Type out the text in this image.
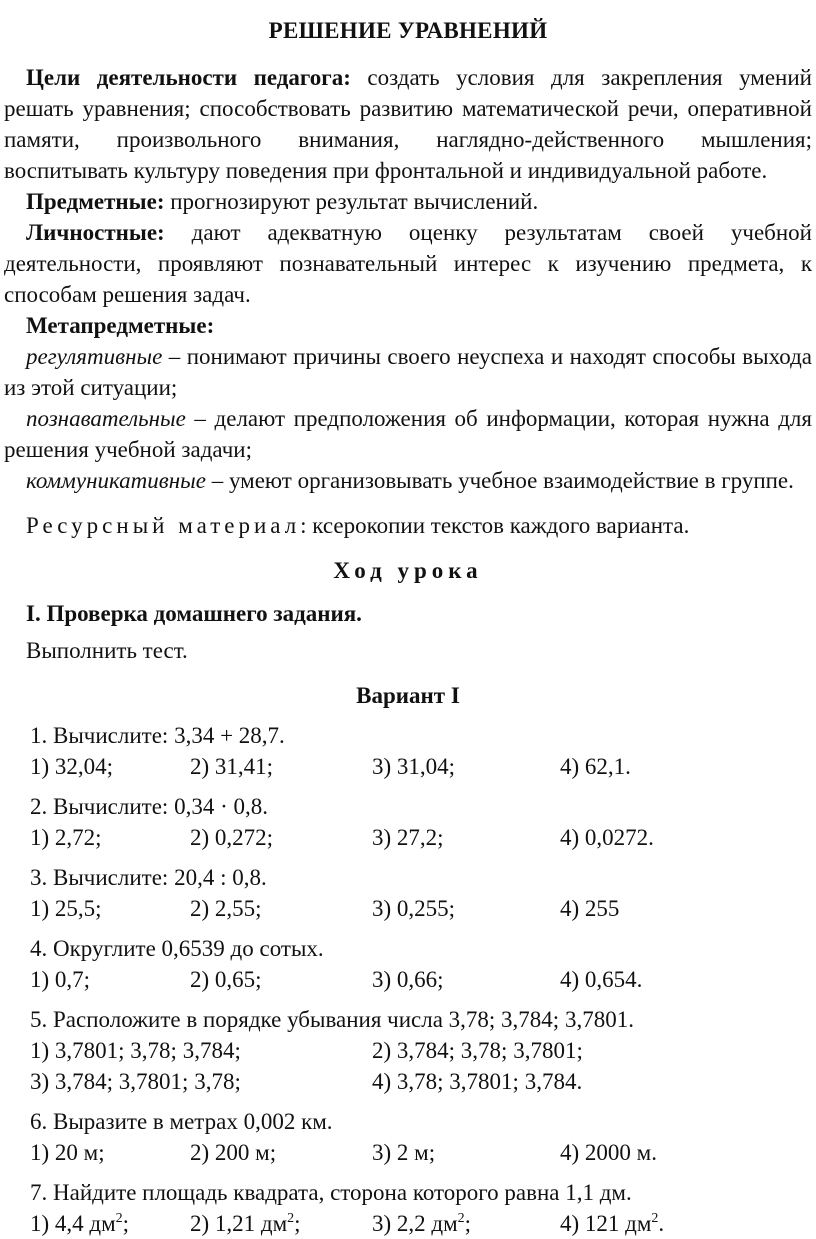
РЕШЕНИЕ УРАВНЕНИЙ

Цели деятельности педагога: создать условия для закрепления умений решать уравнения; способствовать развитию математической речи, оперативной памяти, произвольного внимания, наглядно-действенного мышления; воспитывать культуру поведения при фронтальной и индивидуальной работе.

Предметные: прогнозируют результат вычислений.

Личностные: дают адекватную оценку результатам своей учебной деятельности, проявляют познавательный интерес к изучению предмета, к способам решения задач.

Метапредметные:

регулятивные – понимают причины своего неуспеха и находят способы выхода из этой ситуации;

познавательные – делают предположения об информации, которая нужна для решения учебной задачи;

коммуникативные – умеют организовывать учебное взаимодействие в группе.

Ресурсный материал: ксерокопии текстов каждого варианта.

Ход урока

I. Проверка домашнего задания.

Выполнить тест.

Вариант I

1. Вычислите: 3,34 + 28,7.
1) 32,04;	2) 31,41;	3) 31,04;	4) 62,1.
2. Вычислите: 0,34 · 0,8.
1) 2,72;	2) 0,272;	3) 27,2;	4) 0,0272.
3. Вычислите: 20,4 : 0,8.
1) 25,5;	2) 2,55;	3) 0,255;	4) 255
4. Округлите 0,6539 до сотых.
1) 0,7;	2) 0,65;	3) 0,66;	4) 0,654.
5. Расположите в порядке убывания числа 3,78; 3,784; 3,7801.
1) 3,7801; 3,78; 3,784;	2) 3,784; 3,78; 3,7801;
3) 3,784; 3,7801; 3,78;	4) 3,78; 3,7801; 3,784.
6. Выразите в метрах 0,002 км.
1) 20 м;	2) 200 м;	3) 2 м;	4) 2000 м.
7. Найдите площадь квадрата, сторона которого равна 1,1 дм.
1) 4,4 $дм^2$;	2) 1,21 $дм^2$;	3) 2,2 $дм^2$;	4) 121 $дм^2$.
